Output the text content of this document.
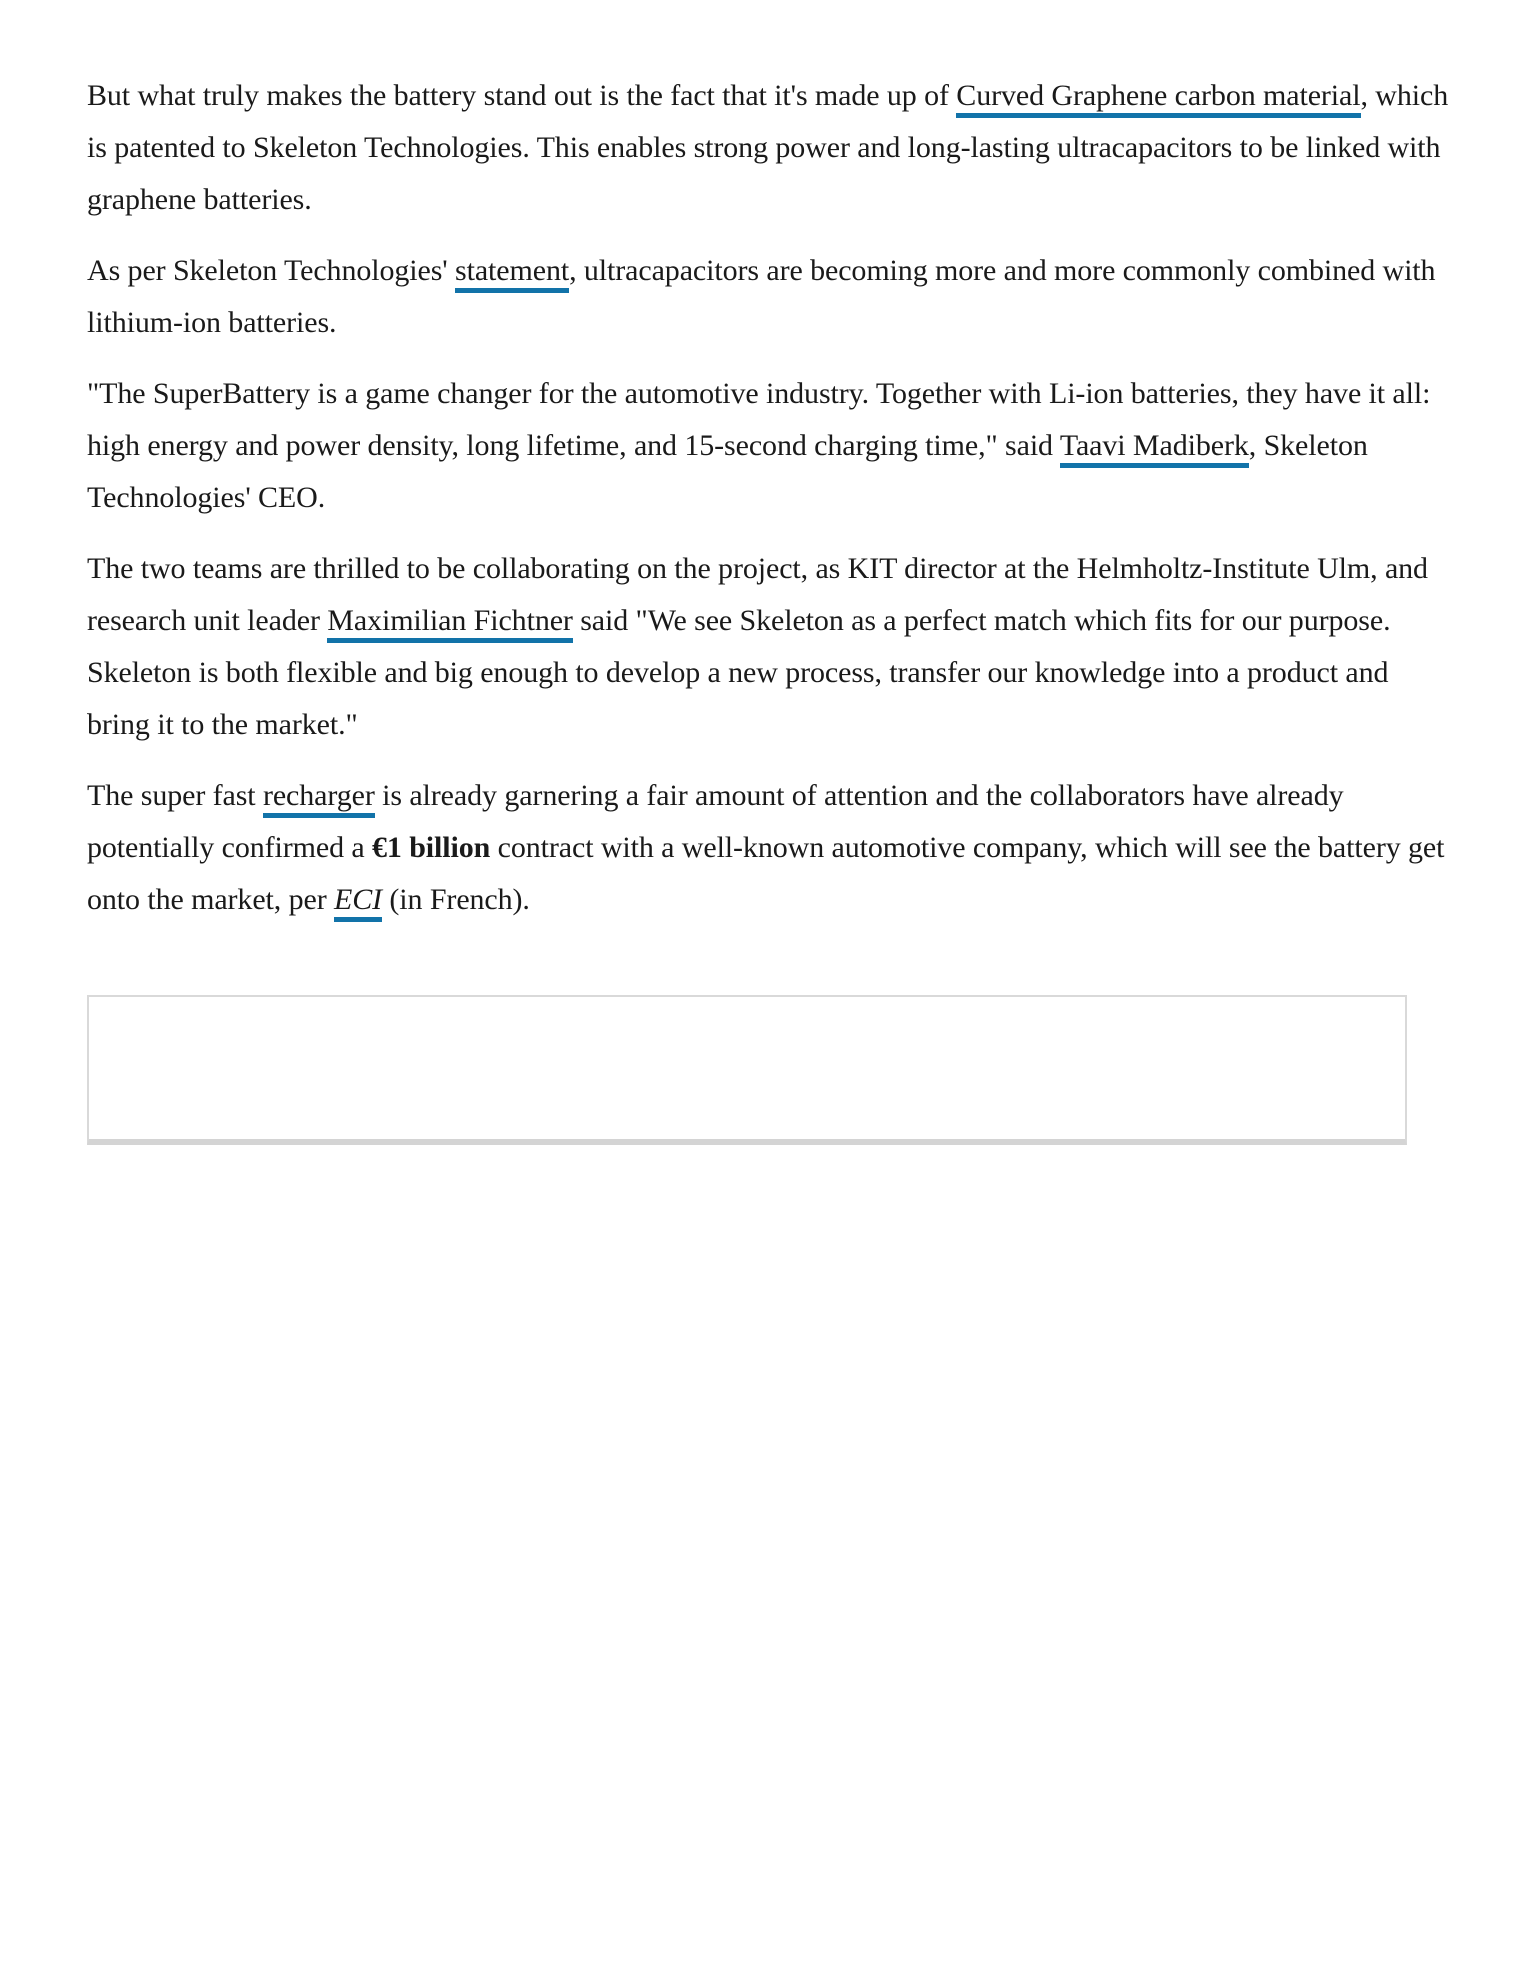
But what truly makes the battery stand out is the fact that it's made up of Curved Graphene carbon material, which is patented to Skeleton Technologies. This enables strong power and long-lasting ultracapacitors to be linked with graphene batteries.

As per Skeleton Technologies' statement, ultracapacitors are becoming more and more commonly combined with lithium-ion batteries.

"The SuperBattery is a game changer for the automotive industry. Together with Li-ion batteries, they have it all: high energy and power density, long lifetime, and 15-second charging time," said Taavi Madiberk, Skeleton Technologies' CEO.

The two teams are thrilled to be collaborating on the project, as KIT director at the Helmholtz-Institute Ulm, and research unit leader Maximilian Fichtner said "We see Skeleton as a perfect match which fits for our purpose. Skeleton is both flexible and big enough to develop a new process, transfer our knowledge into a product and bring it to the market."

The super fast recharger is already garnering a fair amount of attention and the collaborators have already potentially confirmed a €1 billion contract with a well-known automotive company, which will see the battery get onto the market, per ECI (in French).
